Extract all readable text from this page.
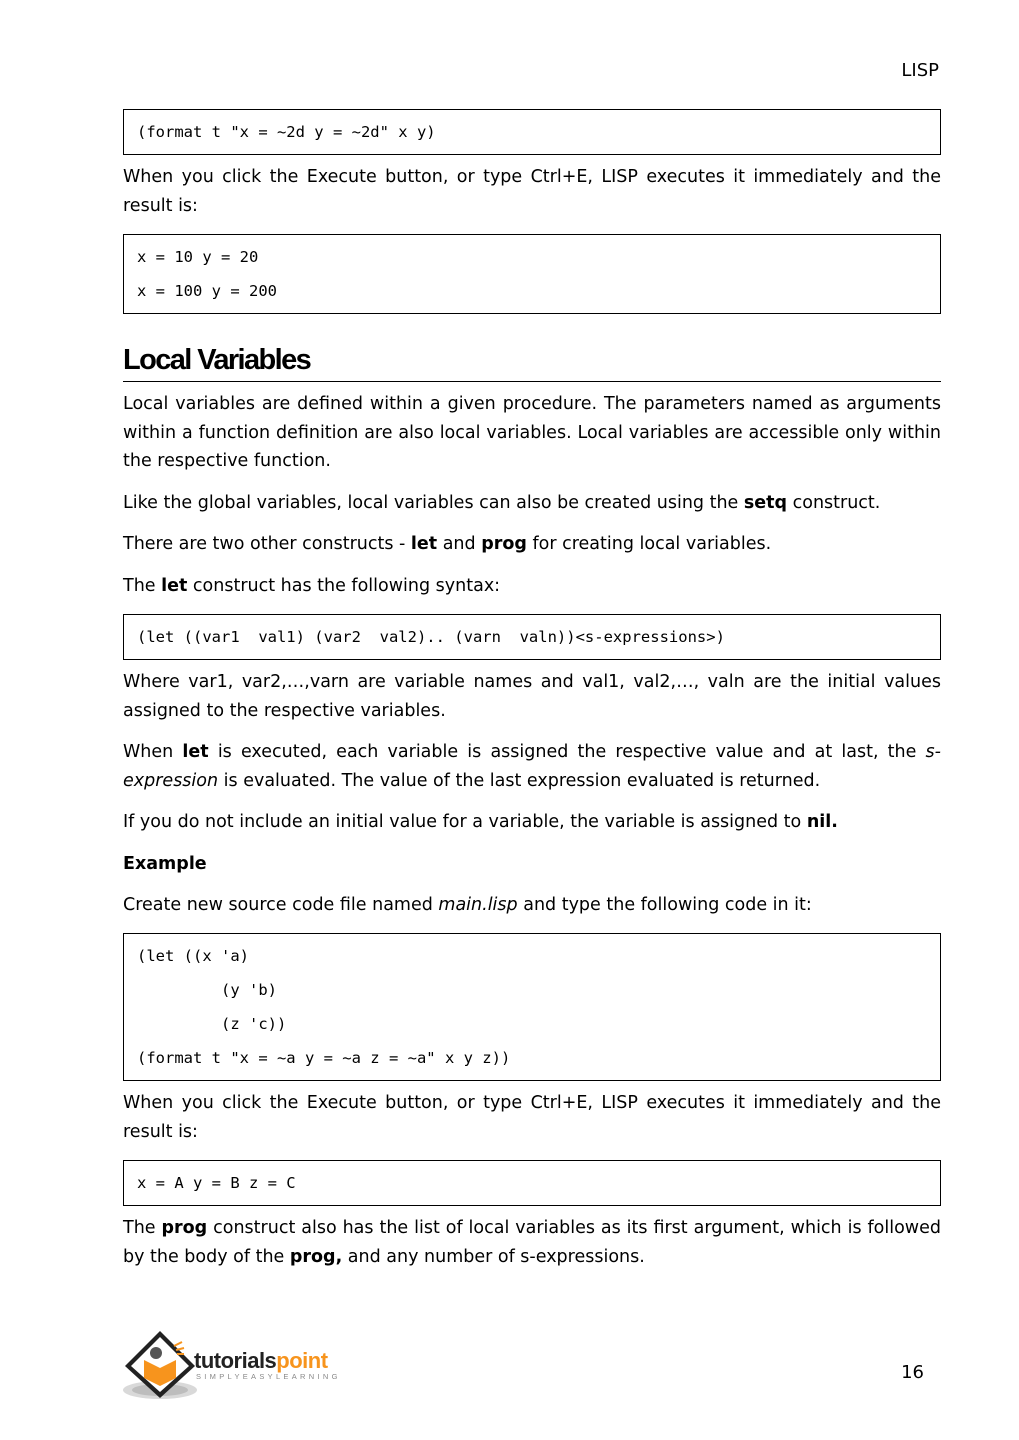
LISP
(format t "x = ~2d y = ~2d" x y)

When you click the Execute button, or type Ctrl+E, LISP executes it immediately and the result is:

x = 10 y = 20
x = 100 y = 200
Local Variables

Local variables are defined within a given procedure. The parameters named as arguments within a function definition are also local variables. Local variables are accessible only within the respective function.

Like the global variables, local variables can also be created using the setq construct.

There are two other constructs - let and prog for creating local variables.

The let construct has the following syntax:

(let ((var1  val1) (var2  val2).. (varn  valn))<s-expressions>)

Where var1, var2,…,varn are variable names and val1, val2,…, valn are the initial values assigned to the respective variables.

When let is executed, each variable is assigned the respective value and at last, the s-expression is evaluated. The value of the last expression evaluated is returned.

If you do not include an initial value for a variable, the variable is assigned to nil.

Example

Create new source code file named main.lisp and type the following code in it:

(let ((x 'a)
(y 'b)
(z 'c))
(format t "x = ~a y = ~a z = ~a" x y z))

When you click the Execute button, or type Ctrl+E, LISP executes it immediately and the result is:

x = A y = B z = C

The prog construct also has the list of local variables as its first argument, which is followed by the body of the prog, and any number of s-expressions.

tutorialspoint
SIMPLYEASYLEARNING	16
